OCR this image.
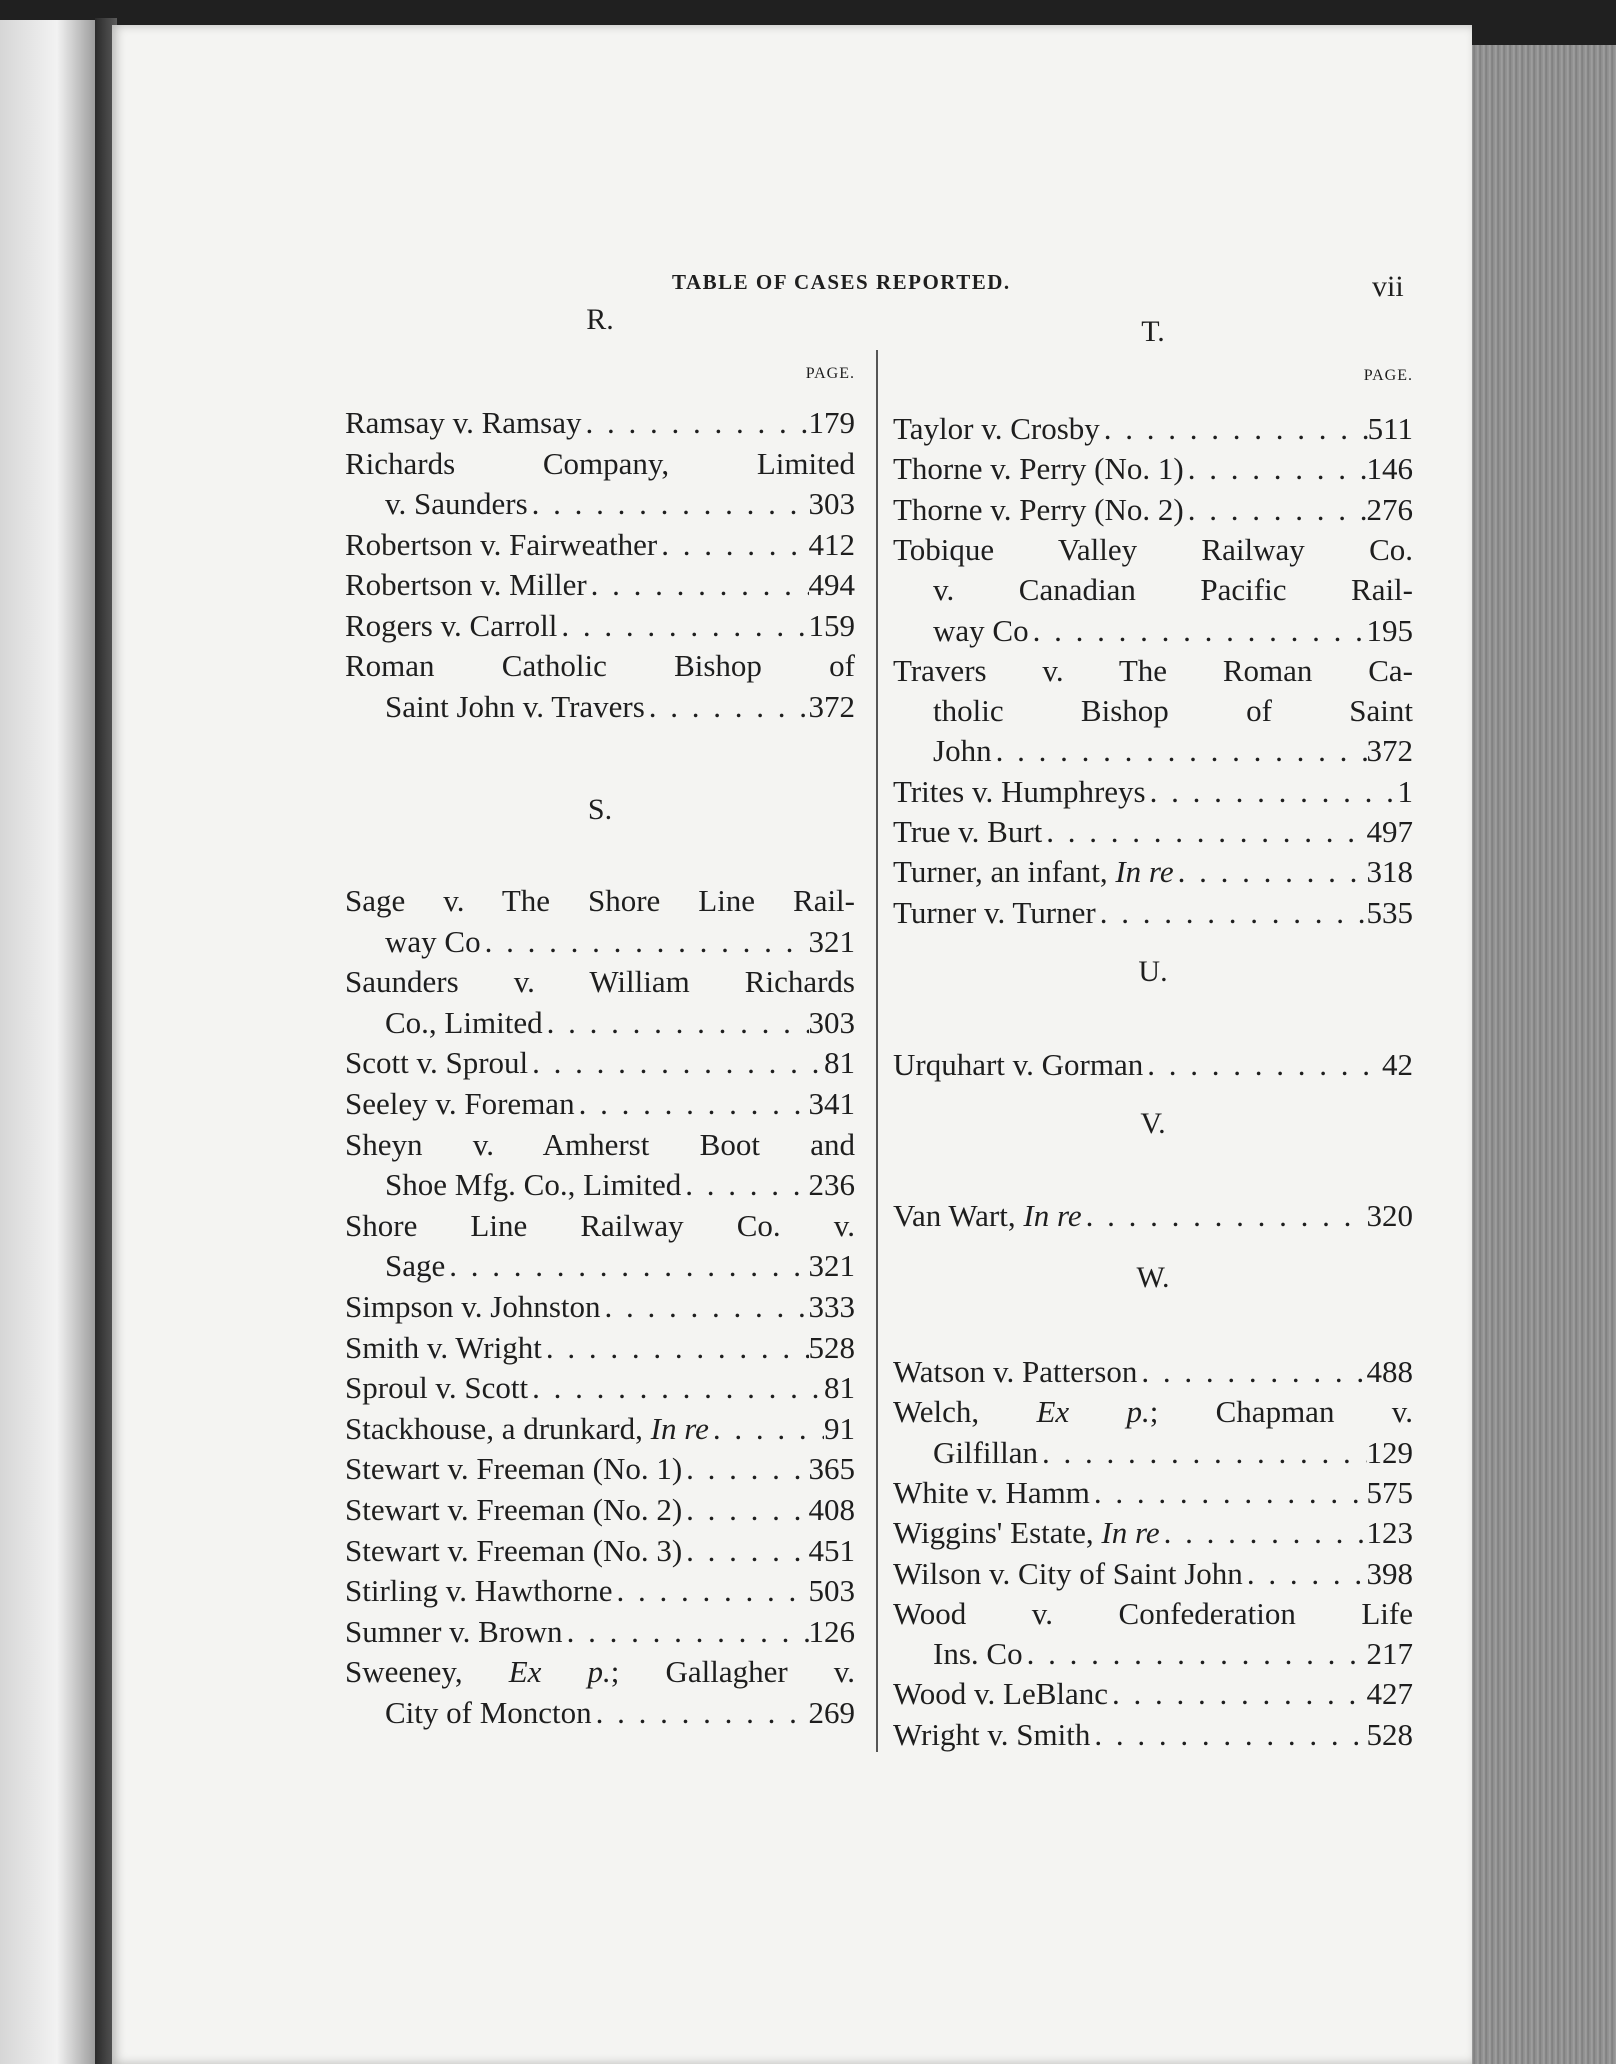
TABLE OF CASES REPORTED.	vii
R.
PAGE.
Ramsay v. Ramsay . . .	179
Richards Company, Limited
v. Saunders . . .	303
Robertson v. Fairweather . . .	412
Robertson v. Miller . . .	494
Rogers v. Carroll . . .	159
Roman Catholic Bishop of
Saint John v. Travers . . .	372
S.
Sage v. The Shore Line Rail-
way Co . . .	321
Saunders v. William Richards
Co., Limited . . .	303
Scott v. Sproul . . .	81
Seeley v. Foreman . . .	341
Sheyn v. Amherst Boot and
Shoe Mfg. Co., Limited . . .	236
Shore Line Railway Co. v.
Sage . . .	321
Simpson v. Johnston . . .	333
Smith v. Wright . . .	528
Sproul v. Scott . . .	81
Stackhouse, a drunkard, In re . . .	91
Stewart v. Freeman (No. 1) . . .	365
Stewart v. Freeman (No. 2) . . .	408
Stewart v. Freeman (No. 3) . . .	451
Stirling v. Hawthorne . . .	503
Sumner v. Brown . . .	126
Sweeney, Ex p.; Gallagher v.
City of Moncton . . .	269
T.
PAGE.
Taylor v. Crosby . . .	511
Thorne v. Perry (No. 1) . . .	146
Thorne v. Perry (No. 2) . . .	276
Tobique Valley Railway Co.
v. Canadian Pacific Rail-
way Co . . .	195
Travers v. The Roman Ca-
tholic Bishop of Saint
John . . .	372
Trites v. Humphreys . . .	1
True v. Burt . . .	497
Turner, an infant, In re . . .	318
Turner v. Turner . . .	535
U.
Urquhart v. Gorman . . .	42
V.
Van Wart, In re . . .	320
W.
Watson v. Patterson . . .	488
Welch, Ex p.; Chapman v.
Gilfillan . . .	129
White v. Hamm . . .	575
Wiggins' Estate, In re . . .	123
Wilson v. City of Saint John . . .	398
Wood v. Confederation Life
Ins. Co . . .	217
Wood v. LeBlanc . . .	427
Wright v. Smith . . .	528
